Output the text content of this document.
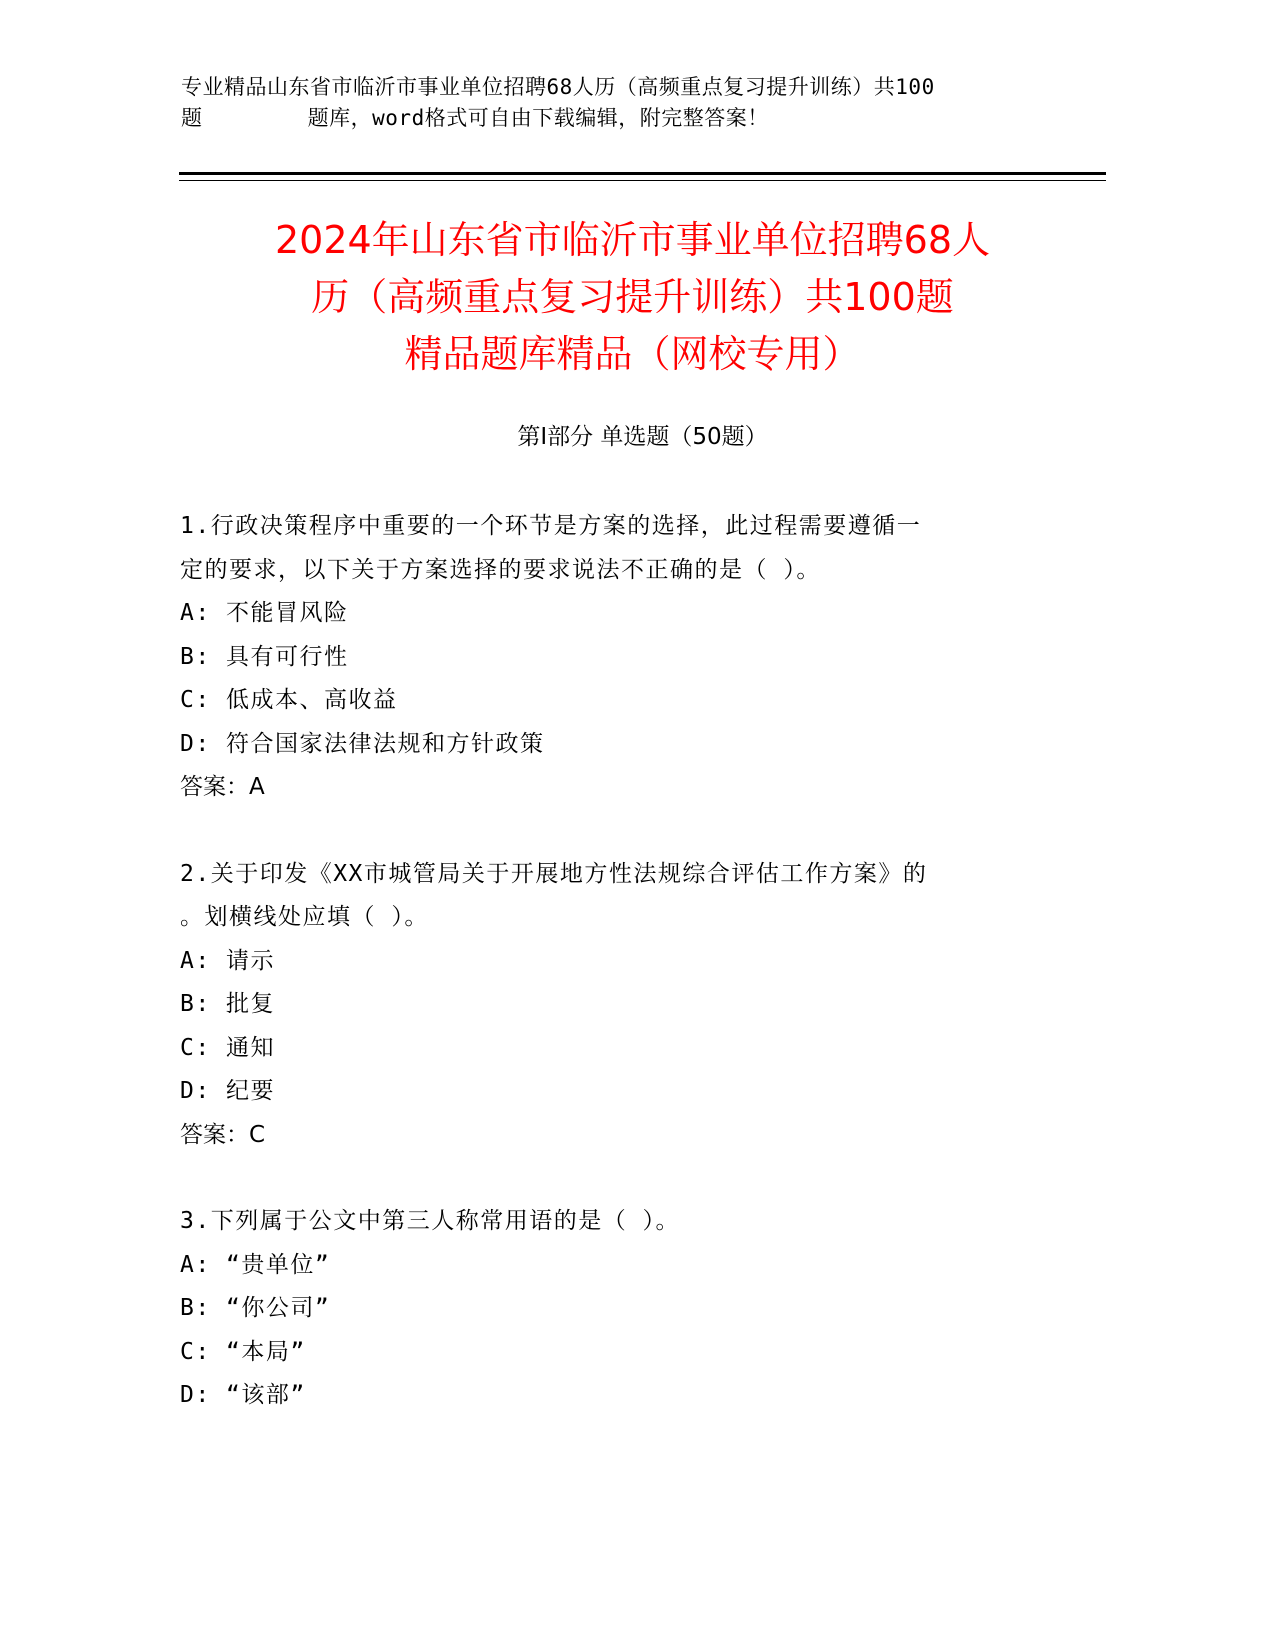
专业精品山东省市临沂市事业单位招聘68人历（高频重点复习提升训练）共100
题        题库，word格式可自由下载编辑，附完整答案！
2024年山东省市临沂市事业单位招聘68人
历（高频重点复习提升训练）共100题
精品题库精品（网校专用）
第I部分 单选题（50题）
1.行政决策程序中重要的一个环节是方案的选择，此过程需要遵循一
定的要求，以下关于方案选择的要求说法不正确的是（ ）。
A: 不能冒风险
B: 具有可行性
C: 低成本、高收益
D: 符合国家法律法规和方针政策
答案：A
2.关于印发《XX市城管局关于开展地方性法规综合评估工作方案》的
。划横线处应填（ ）。
A: 请示
B: 批复
C: 通知
D: 纪要
答案：C
3.下列属于公文中第三人称常用语的是（ ）。
A: “贵单位”
B: “你公司”
C: “本局”
D: “该部”
